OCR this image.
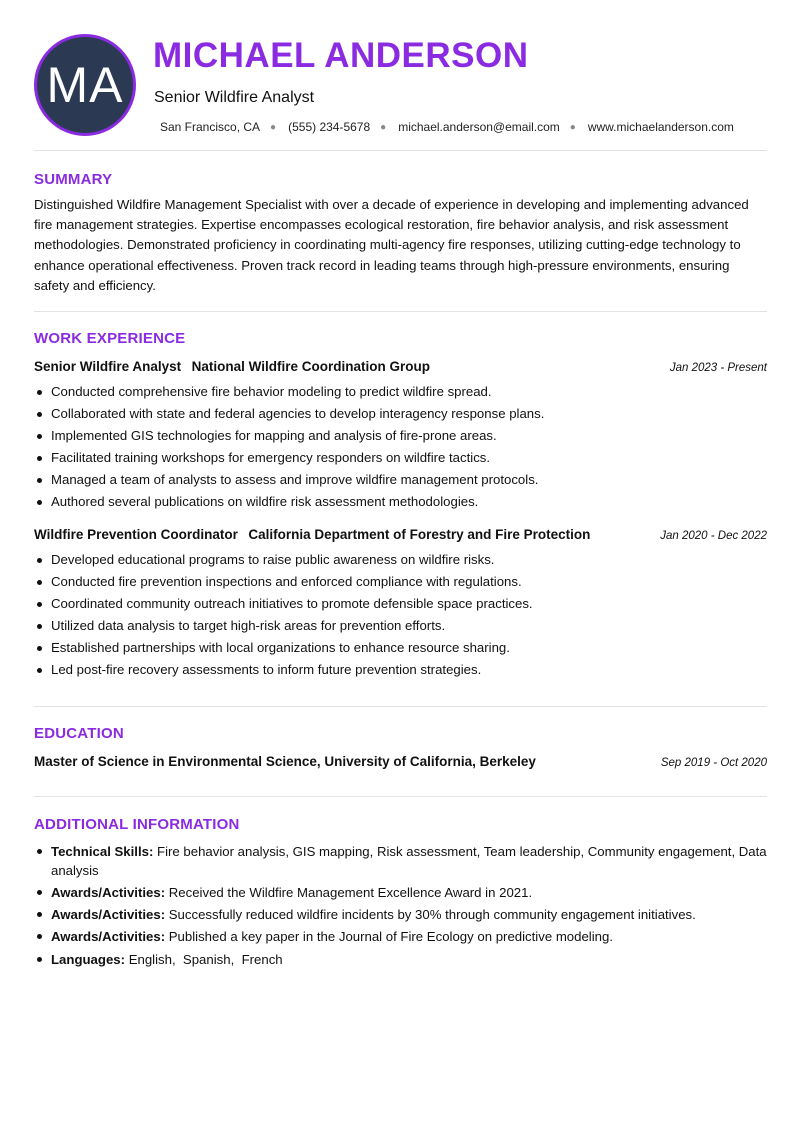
MA
MICHAEL ANDERSON
Senior Wildfire Analyst
San Francisco, CA ● (555) 234-5678 ● michael.anderson@email.com ● www.michaelanderson.com
SUMMARY

Distinguished Wildfire Management Specialist with over a decade of experience in developing and implementing advanced fire management strategies. Expertise encompasses ecological restoration, fire behavior analysis, and risk assessment methodologies. Demonstrated proficiency in coordinating multi-agency fire responses, utilizing cutting-edge technology to enhance operational effectiveness. Proven track record in leading teams through high-pressure environments, ensuring safety and efficiency.

WORK EXPERIENCE
Senior Wildfire Analyst National Wildfire Coordination Group	Jan 2023 - Present
Conducted comprehensive fire behavior modeling to predict wildfire spread.
Collaborated with state and federal agencies to develop interagency response plans.
Implemented GIS technologies for mapping and analysis of fire-prone areas.
Facilitated training workshops for emergency responders on wildfire tactics.
Managed a team of analysts to assess and improve wildfire management protocols.
Authored several publications on wildfire risk assessment methodologies.
Wildfire Prevention Coordinator California Department of Forestry and Fire Protection	Jan 2020 - Dec 2022
Developed educational programs to raise public awareness on wildfire risks.
Conducted fire prevention inspections and enforced compliance with regulations.
Coordinated community outreach initiatives to promote defensible space practices.
Utilized data analysis to target high-risk areas for prevention efforts.
Established partnerships with local organizations to enhance resource sharing.
Led post-fire recovery assessments to inform future prevention strategies.
EDUCATION
Master of Science in Environmental Science, University of California, Berkeley	Sep 2019 - Oct 2020
ADDITIONAL INFORMATION
Technical Skills: Fire behavior analysis, GIS mapping, Risk assessment, Team leadership, Community engagement, Data analysis
Awards/Activities: Received the Wildfire Management Excellence Award in 2021.
Awards/Activities: Successfully reduced wildfire incidents by 30% through community engagement initiatives.
Awards/Activities: Published a key paper in the Journal of Fire Ecology on predictive modeling.
Languages: English,  Spanish,  French
